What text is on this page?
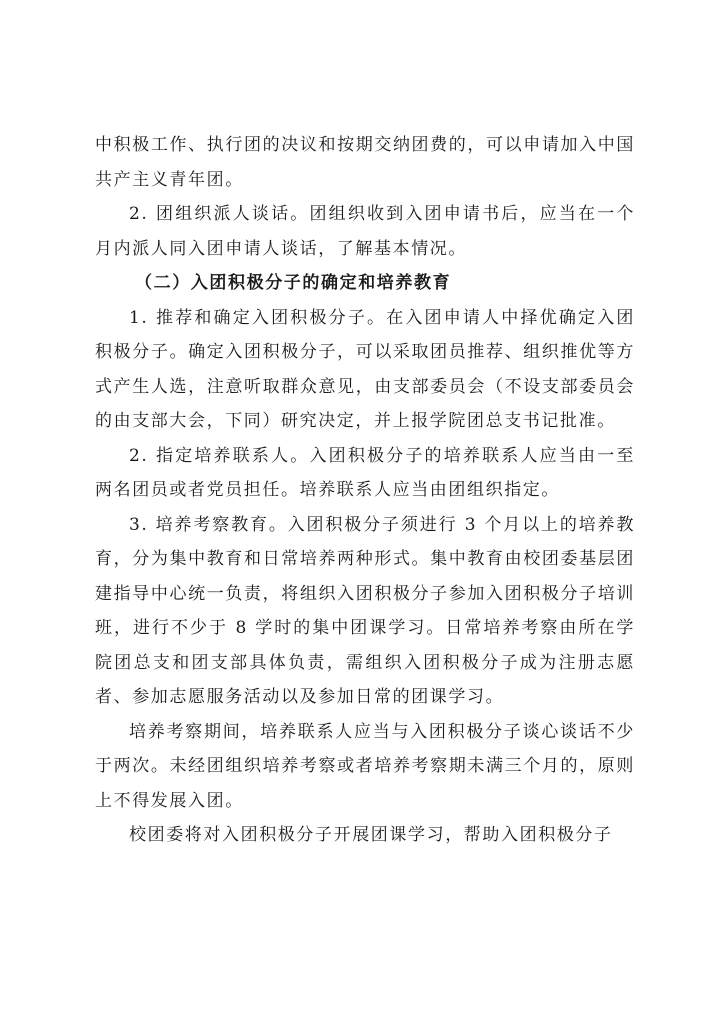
中积极工作、执行团的决议和按期交纳团费的，可以申请加入中国共产主义青年团。

2. 团组织派人谈话。团组织收到入团申请书后，应当在一个月内派人同入团申请人谈话，了解基本情况。

（二）入团积极分子的确定和培养教育

1. 推荐和确定入团积极分子。在入团申请人中择优确定入团积极分子。确定入团积极分子，可以采取团员推荐、组织推优等方式产生人选，注意听取群众意见，由支部委员会（不设支部委员会的由支部大会，下同）研究决定，并上报学院团总支书记批准。

2. 指定培养联系人。入团积极分子的培养联系人应当由一至两名团员或者党员担任。培养联系人应当由团组织指定。

3. 培养考察教育。入团积极分子须进行 3 个月以上的培养教育，分为集中教育和日常培养两种形式。集中教育由校团委基层团建指导中心统一负责，将组织入团积极分子参加入团积极分子培训班，进行不少于 8 学时的集中团课学习。日常培养考察由所在学院团总支和团支部具体负责，需组织入团积极分子成为注册志愿者、参加志愿服务活动以及参加日常的团课学习。

培养考察期间，培养联系人应当与入团积极分子谈心谈话不少于两次。未经团组织培养考察或者培养考察期未满三个月的，原则上不得发展入团。

校团委将对入团积极分子开展团课学习，帮助入团积极分子
